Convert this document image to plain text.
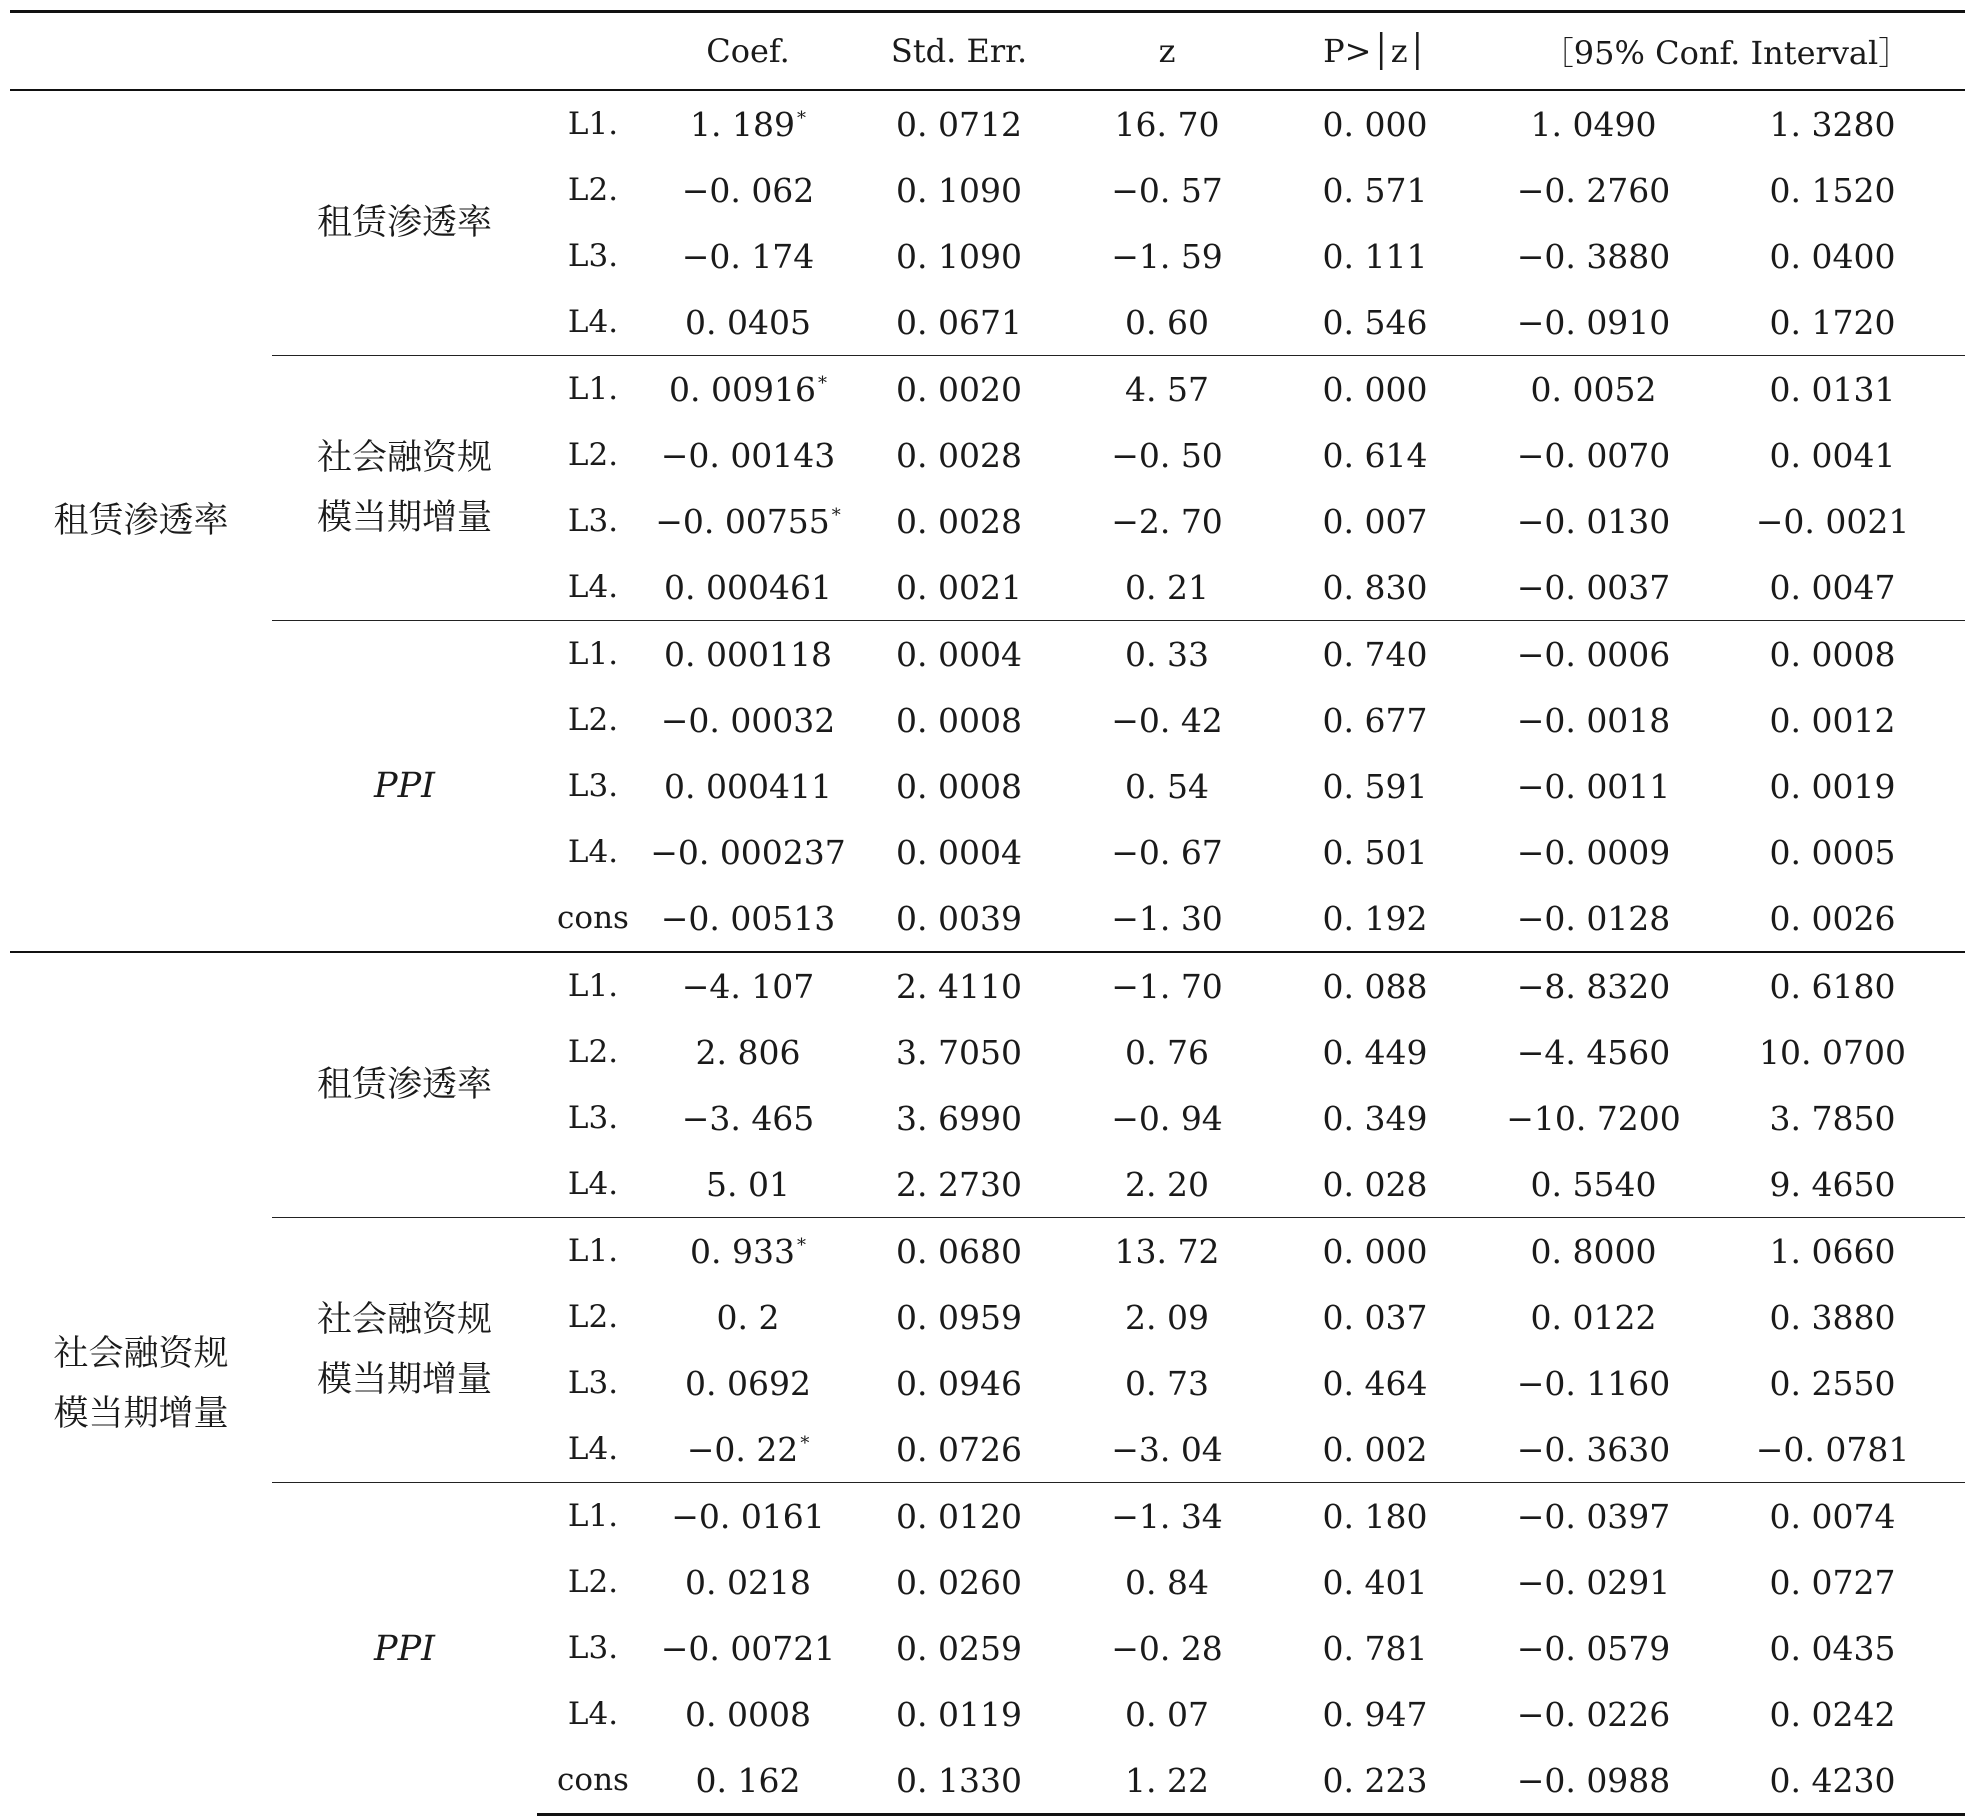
			Coef.	Std. Err.	z	P>│z│	［95% Conf. Interval］	
租赁渗透率	租赁渗透率	L1.	1. 189 *	0. 0712	16. 70	0. 000	1. 0490	1. 3280
		L2.	−0. 062	0. 1090	−0. 57	0. 571	−0. 2760	0. 1520
		L3.	−0. 174	0. 1090	−1. 59	0. 111	−0. 3880	0. 0400
		L4.	0. 0405	0. 0671	0. 60	0. 546	−0. 0910	0. 1720
	社会融资规​模当期增量	L1.	0. 00916 *	0. 0020	4. 57	0. 000	0. 0052	0. 0131
		L2.	−0. 00143	0. 0028	−0. 50	0. 614	−0. 0070	0. 0041
		L3.	−0. 00755 *	0. 0028	−2. 70	0. 007	−0. 0130	−0. 0021
		L4.	0. 000461	0. 0021	0. 21	0. 830	−0. 0037	0. 0047
	PPI	L1.	0. 000118	0. 0004	0. 33	0. 740	−0. 0006	0. 0008
		L2.	−0. 00032	0. 0008	−0. 42	0. 677	−0. 0018	0. 0012
		L3.	0. 000411	0. 0008	0. 54	0. 591	−0. 0011	0. 0019
		L4.	−0. 000237	0. 0004	−0. 67	0. 501	−0. 0009	0. 0005
		cons	−0. 00513	0. 0039	−1. 30	0. 192	−0. 0128	0. 0026
社会融资规​模当期增量	租赁渗透率	L1.	−4. 107	2. 4110	−1. 70	0. 088	−8. 8320	0. 6180
		L2.	2. 806	3. 7050	0. 76	0. 449	−4. 4560	10. 0700
		L3.	−3. 465	3. 6990	−0. 94	0. 349	−10. 7200	3. 7850
		L4.	5. 01	2. 2730	2. 20	0. 028	0. 5540	9. 4650
	社会融资规​模当期增量	L1.	0. 933 *	0. 0680	13. 72	0. 000	0. 8000	1. 0660
		L2.	0. 2	0. 0959	2. 09	0. 037	0. 0122	0. 3880
		L3.	0. 0692	0. 0946	0. 73	0. 464	−0. 1160	0. 2550
		L4.	−0. 22 *	0. 0726	−3. 04	0. 002	−0. 3630	−0. 0781
	PPI	L1.	−0. 0161	0. 0120	−1. 34	0. 180	−0. 0397	0. 0074
		L2.	0. 0218	0. 0260	0. 84	0. 401	−0. 0291	0. 0727
		L3.	−0. 00721	0. 0259	−0. 28	0. 781	−0. 0579	0. 0435
		L4.	0. 0008	0. 0119	0. 07	0. 947	−0. 0226	0. 0242
		cons	0. 162	0. 1330	1. 22	0. 223	−0. 0988	0. 4230
